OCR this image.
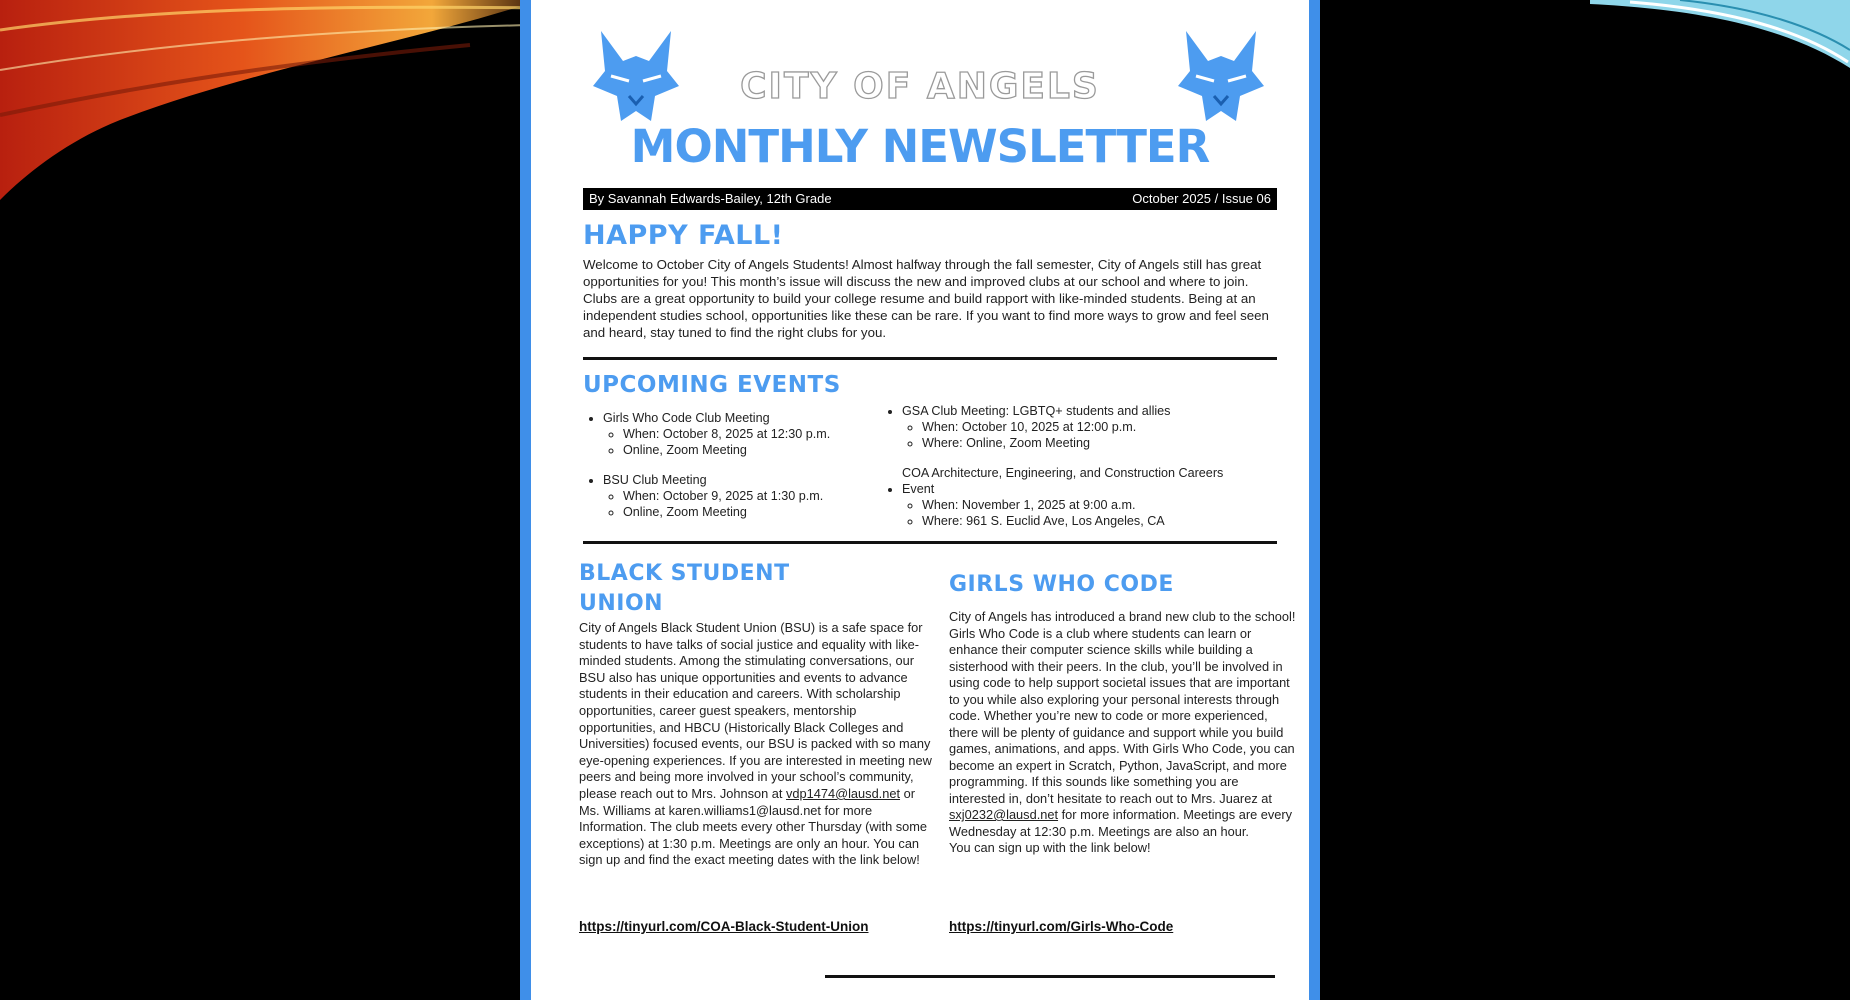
CITY OF ANGELS
MONTHLY NEWSLETTER
By Savannah Edwards-Bailey, 12th Grade	October 2025 / Issue 06
HAPPY FALL!
Welcome to October City of Angels Students! Almost halfway through the fall semester, City of Angels still has great opportunities for you! This month’s issue will discuss the new and improved clubs at our school and where to join. Clubs are a great opportunity to build your college resume and build rapport with like-minded students. Being at an independent studies school, opportunities like these can be rare. If you want to find more ways to grow and feel seen and heard, stay tuned to find the right clubs for you.
UPCOMING EVENTS
• Girls Who Code Club Meeting
◦ When: October 8, 2025 at 12:30 p.m.
◦ Online, Zoom Meeting
• BSU Club Meeting
◦ When: October 9, 2025 at 1:30 p.m.
◦ Online, Zoom Meeting
• GSA Club Meeting: LGBTQ+ students and allies
◦ When: October 10, 2025 at 12:00 p.m.
◦ Where: Online, Zoom Meeting
• COA Architecture, Engineering, and Construction Careers Event
◦ When: November 1, 2025 at 9:00 a.m.
◦ Where: 961 S. Euclid Ave, Los Angeles, CA
BLACK STUDENT
UNION
City of Angels Black Student Union (BSU) is a safe space for students to have talks of social justice and equality with like-minded students. Among the stimulating conversations, our BSU also has unique opportunities and events to advance students in their education and careers. With scholarship opportunities, career guest speakers, mentorship opportunities, and HBCU (Historically Black Colleges and Universities) focused events, our BSU is packed with so many eye-opening experiences. If you are interested in meeting new peers and being more involved in your school’s community, please reach out to Mrs. Johnson at vdp1474@lausd.net or Ms. Williams at karen.williams1@lausd.net for more Information. The club meets every other Thursday (with some exceptions) at 1:30 p.m. Meetings are only an hour. You can sign up and find the exact meeting dates with the link below!
https://tinyurl.com/COA-Black-Student-Union
GIRLS WHO CODE
City of Angels has introduced a brand new club to the school! Girls Who Code is a club where students can learn or enhance their computer science skills while building a sisterhood with their peers. In the club, you’ll be involved in using code to help support societal issues that are important to you while also exploring your personal interests through code. Whether you’re new to code or more experienced, there will be plenty of guidance and support while you build games, animations, and apps. With Girls Who Code, you can become an expert in Scratch, Python, JavaScript, and more programming. If this sounds like something you are interested in, don’t hesitate to reach out to Mrs. Juarez at sxj0232@lausd.net for more information. Meetings are every Wednesday at 12:30 p.m. Meetings are also an hour.
You can sign up with the link below!
https://tinyurl.com/Girls-Who-Code
